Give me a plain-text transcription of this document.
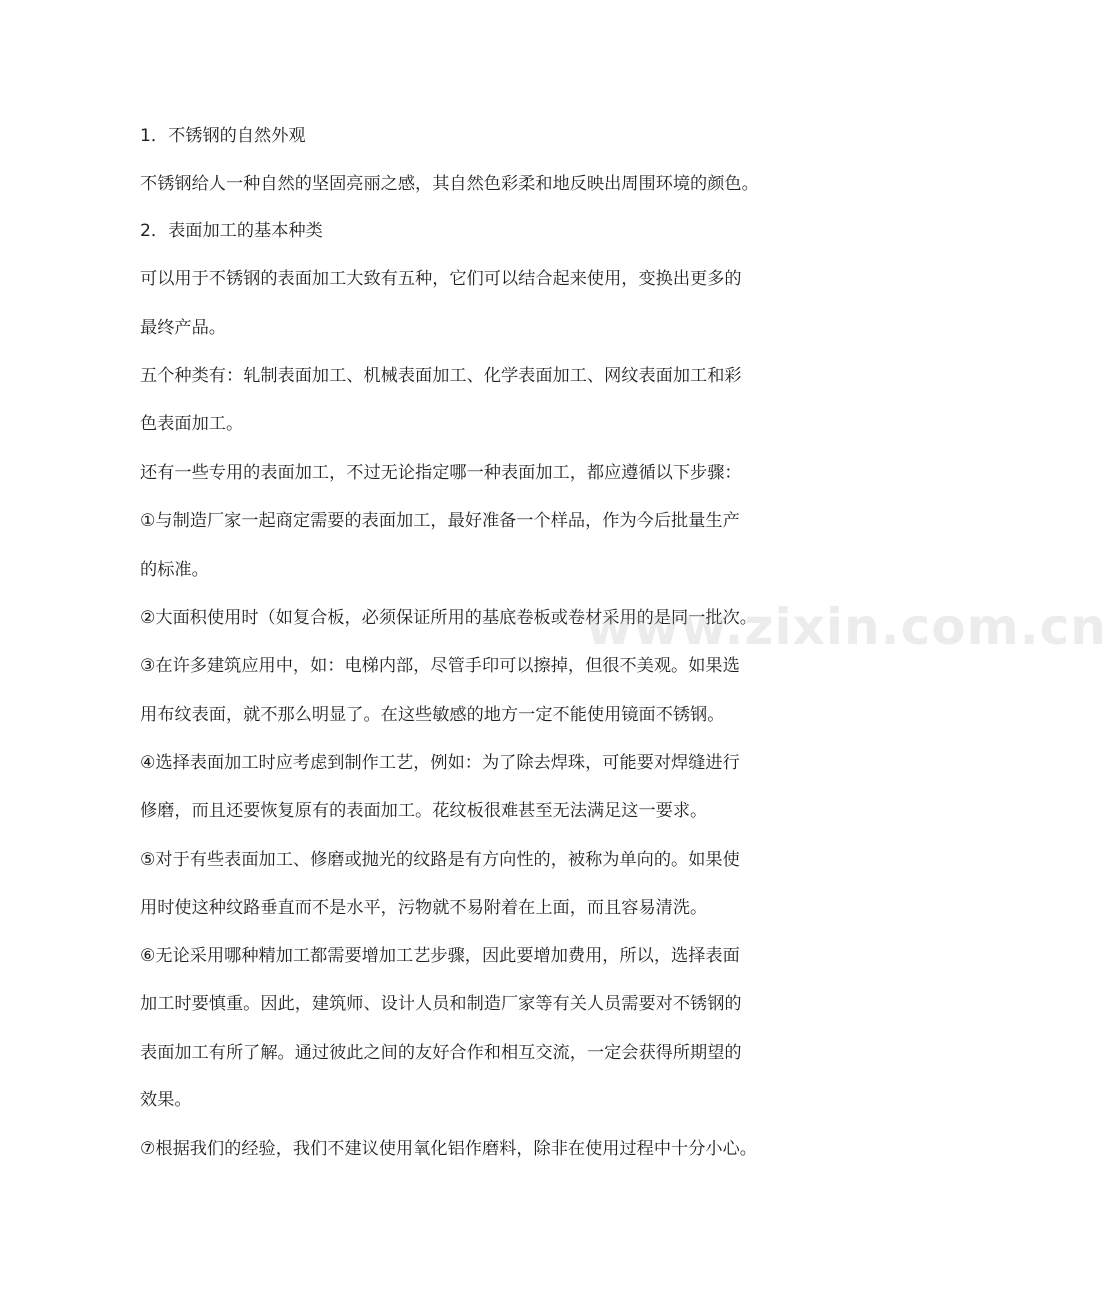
1．不锈钢的自然外观
不锈钢给人一种自然的坚固亮丽之感，其自然色彩柔和地反映出周围环境的颜色。
2．表面加工的基本种类
可以用于不锈钢的表面加工大致有五种，它们可以结合起来使用，变换出更多的
最终产品。
五个种类有：轧制表面加工、机械表面加工、化学表面加工、网纹表面加工和彩
色表面加工。
还有一些专用的表面加工，不过无论指定哪一种表面加工，都应遵循以下步骤：
①与制造厂家一起商定需要的表面加工，最好准备一个样品，作为今后批量生产
的标准。
②大面积使用时（如复合板，必须保证所用的基底卷板或卷材采用的是同一批次。
③在许多建筑应用中，如：电梯内部，尽管手印可以擦掉，但很不美观。如果选
用布纹表面，就不那么明显了。在这些敏感的地方一定不能使用镜面不锈钢。
④选择表面加工时应考虑到制作工艺，例如：为了除去焊珠，可能要对焊缝进行
修磨，而且还要恢复原有的表面加工。花纹板很难甚至无法满足这一要求。
⑤对于有些表面加工、修磨或抛光的纹路是有方向性的，被称为单向的。如果使
用时使这种纹路垂直而不是水平，污物就不易附着在上面，而且容易清洗。
⑥无论采用哪种精加工都需要增加工艺步骤，因此要增加费用，所以，选择表面
加工时要慎重。因此，建筑师、设计人员和制造厂家等有关人员需要对不锈钢的
表面加工有所了解。通过彼此之间的友好合作和相互交流，一定会获得所期望的
效果。
⑦根据我们的经验，我们不建议使用氧化铝作磨料，除非在使用过程中十分小心。
www.zixin.com.cn
